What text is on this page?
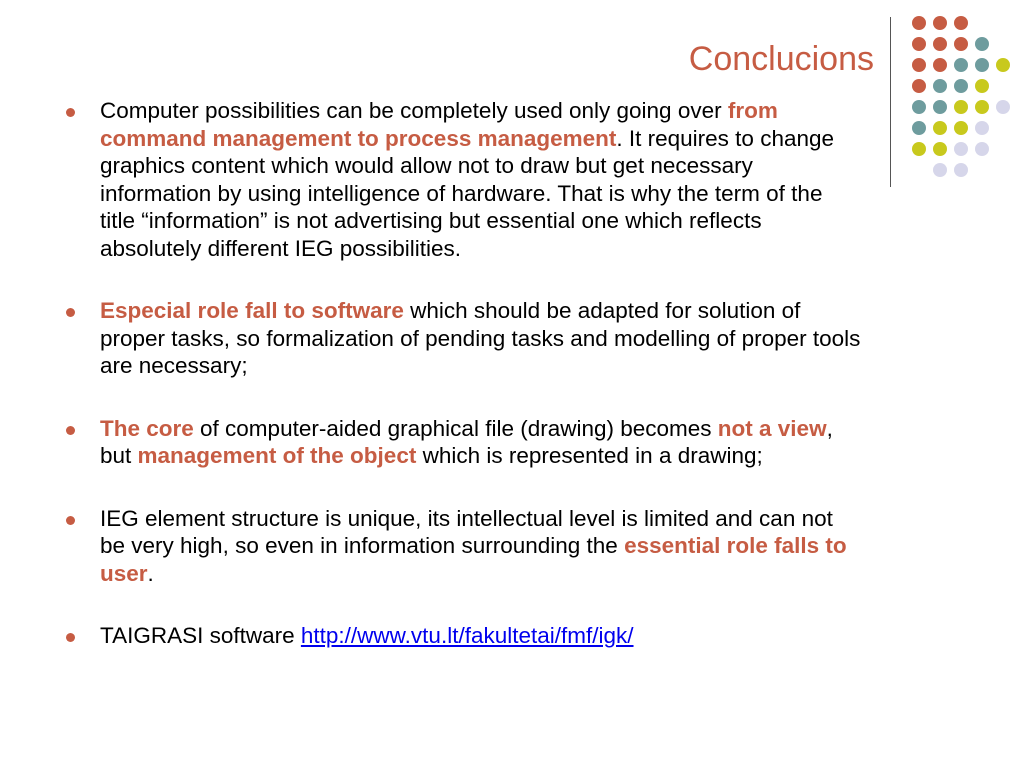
Conclucions
Computer possibilities can be completely used only going over from command management to process management. It requires to change graphics content which would allow not to draw but get necessary information by using intelligence of hardware. That is why the term of the title “information” is not advertising but essential one which reflects absolutely different IEG possibilities.
Especial role fall to software which should be adapted for solution of proper tasks, so formalization of pending tasks and modelling of proper tools are necessary;
The core of computer-aided graphical file (drawing) becomes not a view, but management of the object which is represented in a drawing;
IEG element structure is unique, its intellectual level is limited and can not be very high, so even in information surrounding the essential role falls to user.
TAIGRASI software http://www.vtu.lt/fakultetai/fmf/igk/
